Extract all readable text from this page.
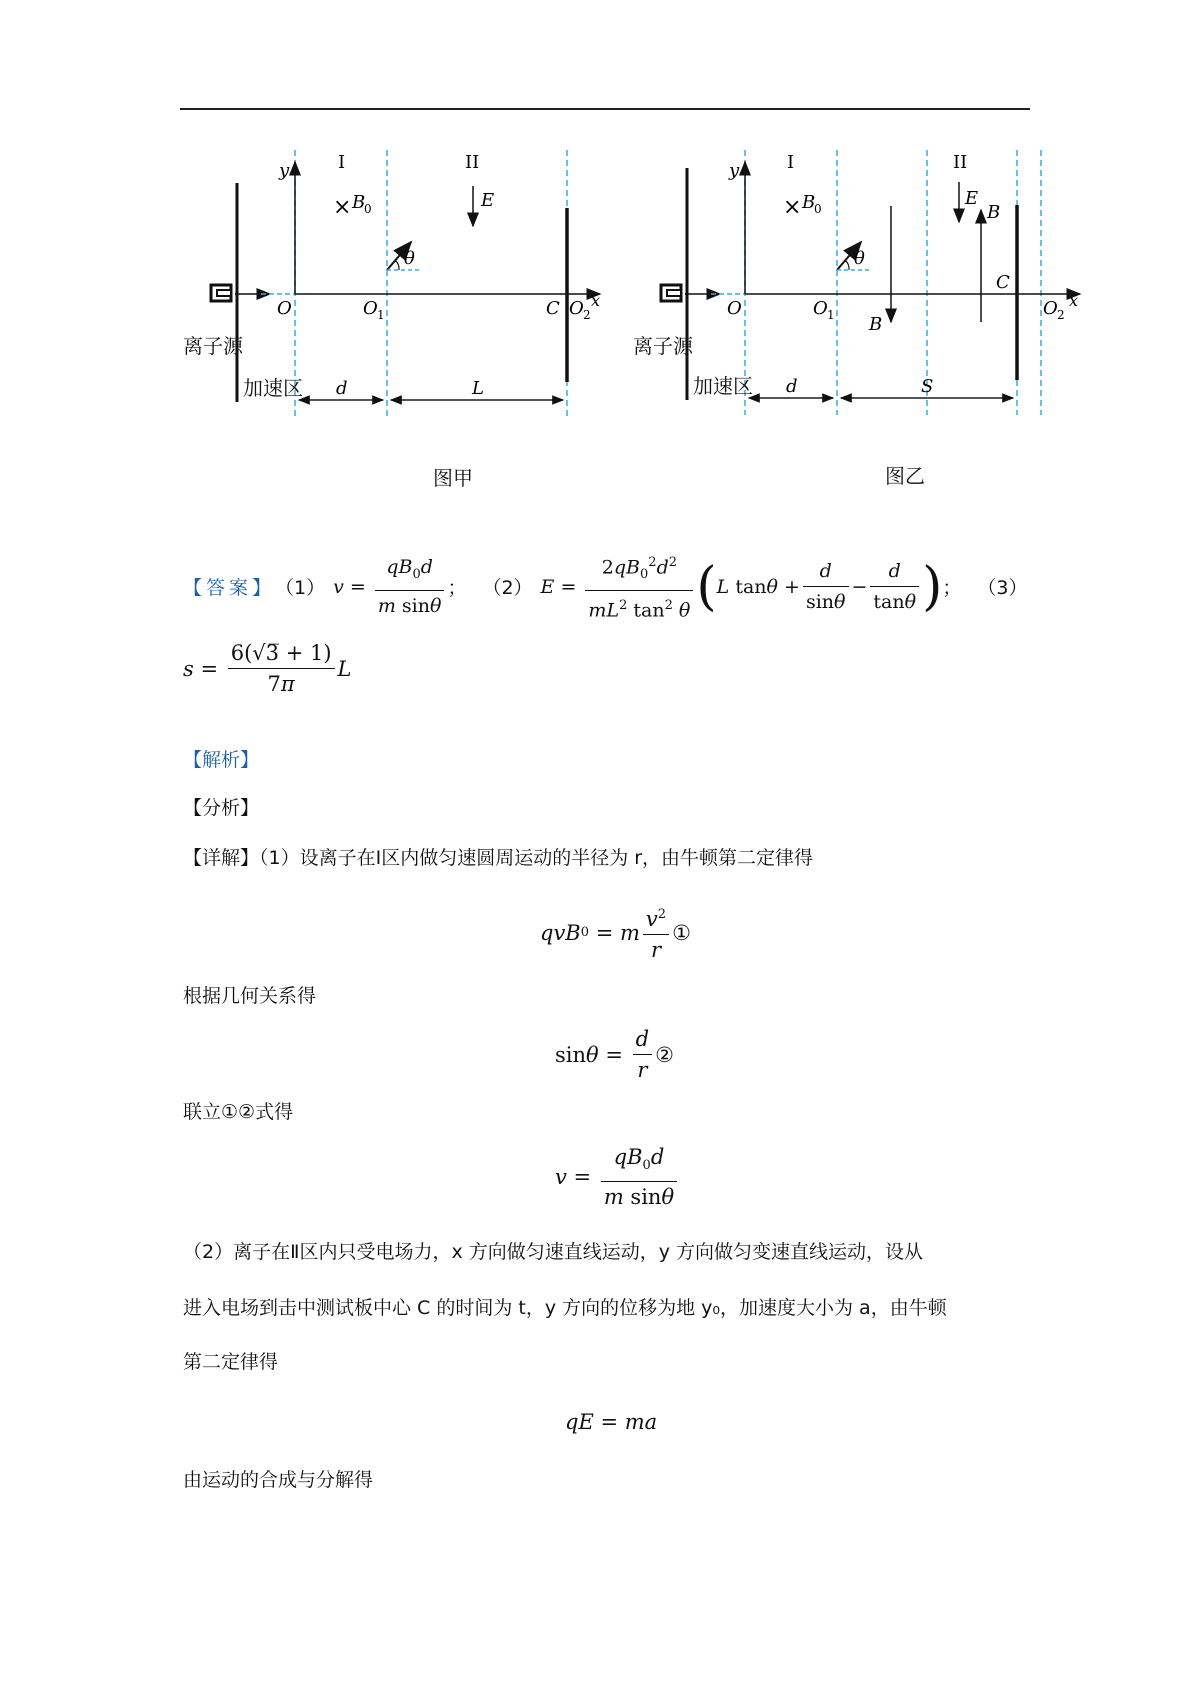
×
y	I	II
B
0	E
θ
O	O 1	C O 2
x
d	L
×
y	I	II
B
0	E
B
B
θ
O	O 1
C
O 2
x
d	S
离子源
加速区
图甲
离子源
加速区
图乙
【答案】 （1） $v = \frac{qB_0d}{\text{m sinθ}}$ ； （2） $E = \frac{2qB_0^2d^2}{mL^2 \tan^2 \theta}$ ( L $\tan \theta + \frac{d}{\sin\theta} - \frac{d}{\tan\theta}$ ) ； （3）
$s = \frac{6(√3̅ + 1)}{7\pi}$ L
【解析】
【分析】
【详解】（1）设离子在Ⅰ区内做匀速圆周运动的半径为 r，由牛顿第二定律得
qvB 0 = m $\frac{v^2}{r}$ ①
根据几何关系得
$\sin \theta = \frac{d}{r}$ ②
联立①②式得
$v = \frac{qB_0d}{\text{m sinθ}}$
（2）离子在Ⅱ区内只受电场力，x 方向做匀速直线运动，y 方向做匀变速直线运动，设从
进入电场到击中测试板中心 C 的时间为 t，y 方向的位移为地 y₀，加速度大小为 a，由牛顿
第二定律得
qE = ma
由运动的合成与分解得
